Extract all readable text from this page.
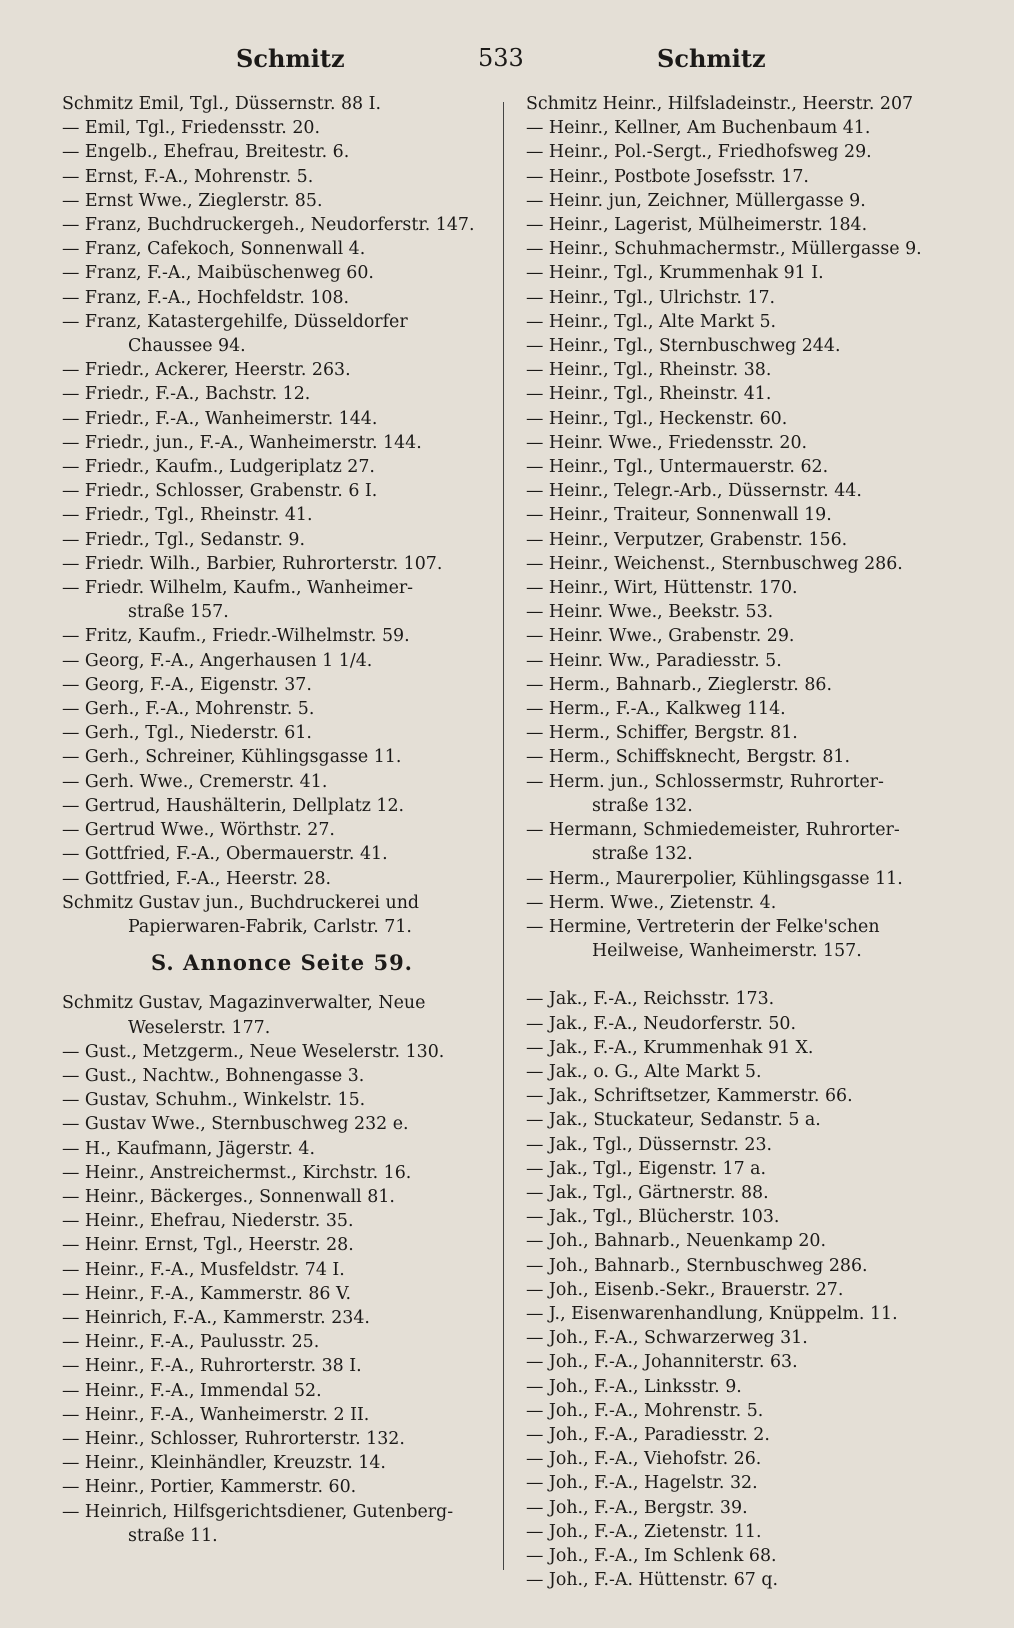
Schmitz	533	Schmitz
Schmitz Emil, Tgl., Düssernstr. 88 I.
— Emil, Tgl., Friedensstr. 20.
— Engelb., Ehefrau, Breitestr. 6.
— Ernst, F.-A., Mohrenstr. 5.
— Ernst Wwe., Zieglerstr. 85.
— Franz, Buchdruckergeh., Neudorferstr. 147.
— Franz, Cafekoch, Sonnenwall 4.
— Franz, F.-A., Maibüschenweg 60.
— Franz, F.-A., Hochfeldstr. 108.
— Franz, Katastergehilfe, Düsseldorfer
Chaussee 94.
— Friedr., Ackerer, Heerstr. 263.
— Friedr., F.-A., Bachstr. 12.
— Friedr., F.-A., Wanheimerstr. 144.
— Friedr., jun., F.-A., Wanheimerstr. 144.
— Friedr., Kaufm., Ludgeriplatz 27.
— Friedr., Schlosser, Grabenstr. 6 I.
— Friedr., Tgl., Rheinstr. 41.
— Friedr., Tgl., Sedanstr. 9.
— Friedr. Wilh., Barbier, Ruhrorterstr. 107.
— Friedr. Wilhelm, Kaufm., Wanheimer-
straße 157.
— Fritz, Kaufm., Friedr.-Wilhelmstr. 59.
— Georg, F.-A., Angerhausen 1 1/4.
— Georg, F.-A., Eigenstr. 37.
— Gerh., F.-A., Mohrenstr. 5.
— Gerh., Tgl., Niederstr. 61.
— Gerh., Schreiner, Kühlingsgasse 11.
— Gerh. Wwe., Cremerstr. 41.
— Gertrud, Haushälterin, Dellplatz 12.
— Gertrud Wwe., Wörthstr. 27.
— Gottfried, F.-A., Obermauerstr. 41.
— Gottfried, F.-A., Heerstr. 28.
Schmitz Gustav jun., Buchdruckerei und
Papierwaren-Fabrik, Carlstr. 71.
S. Annonce Seite 59.
Schmitz Gustav, Magazinverwalter, Neue
Weselerstr. 177.
— Gust., Metzgerm., Neue Weselerstr. 130.
— Gust., Nachtw., Bohnengasse 3.
— Gustav, Schuhm., Winkelstr. 15.
— Gustav Wwe., Sternbuschweg 232 e.
— H., Kaufmann, Jägerstr. 4.
— Heinr., Anstreichermst., Kirchstr. 16.
— Heinr., Bäckerges., Sonnenwall 81.
— Heinr., Ehefrau, Niederstr. 35.
— Heinr. Ernst, Tgl., Heerstr. 28.
— Heinr., F.-A., Musfeldstr. 74 I.
— Heinr., F.-A., Kammerstr. 86 V.
— Heinrich, F.-A., Kammerstr. 234.
— Heinr., F.-A., Paulusstr. 25.
— Heinr., F.-A., Ruhrorterstr. 38 I.
— Heinr., F.-A., Immendal 52.
— Heinr., F.-A., Wanheimerstr. 2 II.
— Heinr., Schlosser, Ruhrorterstr. 132.
— Heinr., Kleinhändler, Kreuzstr. 14.
— Heinr., Portier, Kammerstr. 60.
— Heinrich, Hilfsgerichtsdiener, Gutenberg-
straße 11.
Schmitz Heinr., Hilfsladeinstr., Heerstr. 207
— Heinr., Kellner, Am Buchenbaum 41.
— Heinr., Pol.-Sergt., Friedhofsweg 29.
— Heinr., Postbote Josefsstr. 17.
— Heinr. jun, Zeichner, Müllergasse 9.
— Heinr., Lagerist, Mülheimerstr. 184.
— Heinr., Schuhmachermstr., Müllergasse 9.
— Heinr., Tgl., Krummenhak 91 I.
— Heinr., Tgl., Ulrichstr. 17.
— Heinr., Tgl., Alte Markt 5.
— Heinr., Tgl., Sternbuschweg 244.
— Heinr., Tgl., Rheinstr. 38.
— Heinr., Tgl., Rheinstr. 41.
— Heinr., Tgl., Heckenstr. 60.
— Heinr. Wwe., Friedensstr. 20.
— Heinr., Tgl., Untermauerstr. 62.
— Heinr., Telegr.-Arb., Düssernstr. 44.
— Heinr., Traiteur, Sonnenwall 19.
— Heinr., Verputzer, Grabenstr. 156.
— Heinr., Weichenst., Sternbuschweg 286.
— Heinr., Wirt, Hüttenstr. 170.
— Heinr. Wwe., Beekstr. 53.
— Heinr. Wwe., Grabenstr. 29.
— Heinr. Ww., Paradiesstr. 5.
— Herm., Bahnarb., Zieglerstr. 86.
— Herm., F.-A., Kalkweg 114.
— Herm., Schiffer, Bergstr. 81.
— Herm., Schiffsknecht, Bergstr. 81.
— Herm. jun., Schlossermstr, Ruhrorter-
straße 132.
— Hermann, Schmiedemeister, Ruhrorter-
straße 132.
— Herm., Maurerpolier, Kühlingsgasse 11.
— Herm. Wwe., Zietenstr. 4.
— Hermine, Vertreterin der Felke'schen
Heilweise, Wanheimerstr. 157.
— Jak., F.-A., Reichsstr. 173.
— Jak., F.-A., Neudorferstr. 50.
— Jak., F.-A., Krummenhak 91 X.
— Jak., o. G., Alte Markt 5.
— Jak., Schriftsetzer, Kammerstr. 66.
— Jak., Stuckateur, Sedanstr. 5 a.
— Jak., Tgl., Düssernstr. 23.
— Jak., Tgl., Eigenstr. 17 a.
— Jak., Tgl., Gärtnerstr. 88.
— Jak., Tgl., Blücherstr. 103.
— Joh., Bahnarb., Neuenkamp 20.
— Joh., Bahnarb., Sternbuschweg 286.
— Joh., Eisenb.-Sekr., Brauerstr. 27.
— J., Eisenwarenhandlung, Knüppelm. 11.
— Joh., F.-A., Schwarzerweg 31.
— Joh., F.-A., Johanniterstr. 63.
— Joh., F.-A., Linksstr. 9.
— Joh., F.-A., Mohrenstr. 5.
— Joh., F.-A., Paradiesstr. 2.
— Joh., F.-A., Viehofstr. 26.
— Joh., F.-A., Hagelstr. 32.
— Joh., F.-A., Bergstr. 39.
— Joh., F.-A., Zietenstr. 11.
— Joh., F.-A., Im Schlenk 68.
— Joh., F.-A. Hüttenstr. 67 q.
